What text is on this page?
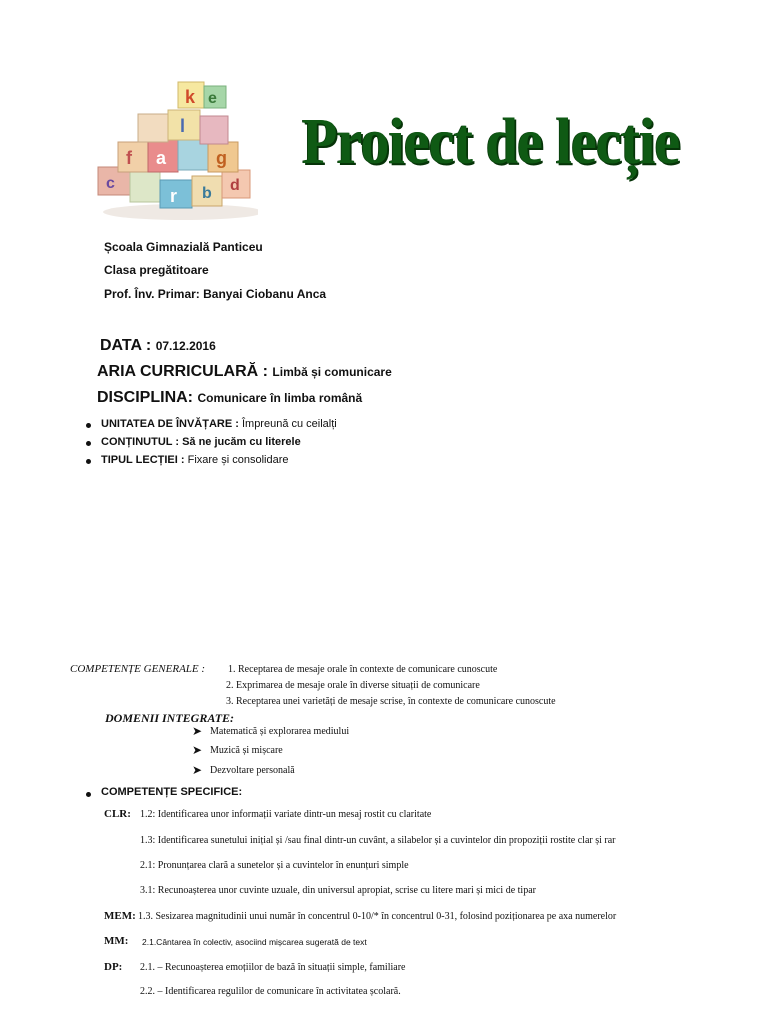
k e
l
f a	g
c
r
d
b
Proiect de lecție
Școala Gimnazială Panticeu
Clasa pregătitoare
Prof. Înv. Primar: Banyai Ciobanu Anca
DATA : 07.12.2016
ARIA CURRICULARĂ : Limbă și comunicare
DISCIPLINA: Comunicare în limba română
UNITATEA DE ÎNVĂȚARE : Împreună cu ceilalți
CONȚINUTUL : Să ne jucăm cu literele
TIPUL LECȚIEI : Fixare și consolidare
COMPETENȚE GENERALE : 1. Receptarea de mesaje orale în contexte de comunicare cunoscute
2. Exprimarea de mesaje orale în diverse situații de comunicare
3. Receptarea unei varietăți de mesaje scrise, în contexte de comunicare cunoscute
DOMENII INTEGRATE:
➤ Matematică și explorarea mediului
➤ Muzică și mișcare
➤ Dezvoltare personală
COMPETENȚE SPECIFICE:
CLR: 1.2: Identificarea unor informații variate dintr-un mesaj rostit cu claritate
1.3: Identificarea sunetului inițial și /sau final dintr-un cuvânt, a silabelor și a cuvintelor din propoziții rostite clar și rar
2.1: Pronunțarea clară a sunetelor și a cuvintelor în enunțuri simple
3.1: Recunoașterea unor cuvinte uzuale, din universul apropiat, scrise cu litere mari și mici de tipar
MEM: 1.3. Sesizarea magnitudinii unui număr în concentrul 0-10/* în concentrul 0-31, folosind poziționarea pe axa numerelor
MM: 2.1.Cântarea în colectiv, asociind mișcarea sugerată de text
DP: 2.1. – Recunoașterea emoțiilor de bază în situații simple, familiare
2.2. – Identificarea regulilor de comunicare în activitatea școlară.
